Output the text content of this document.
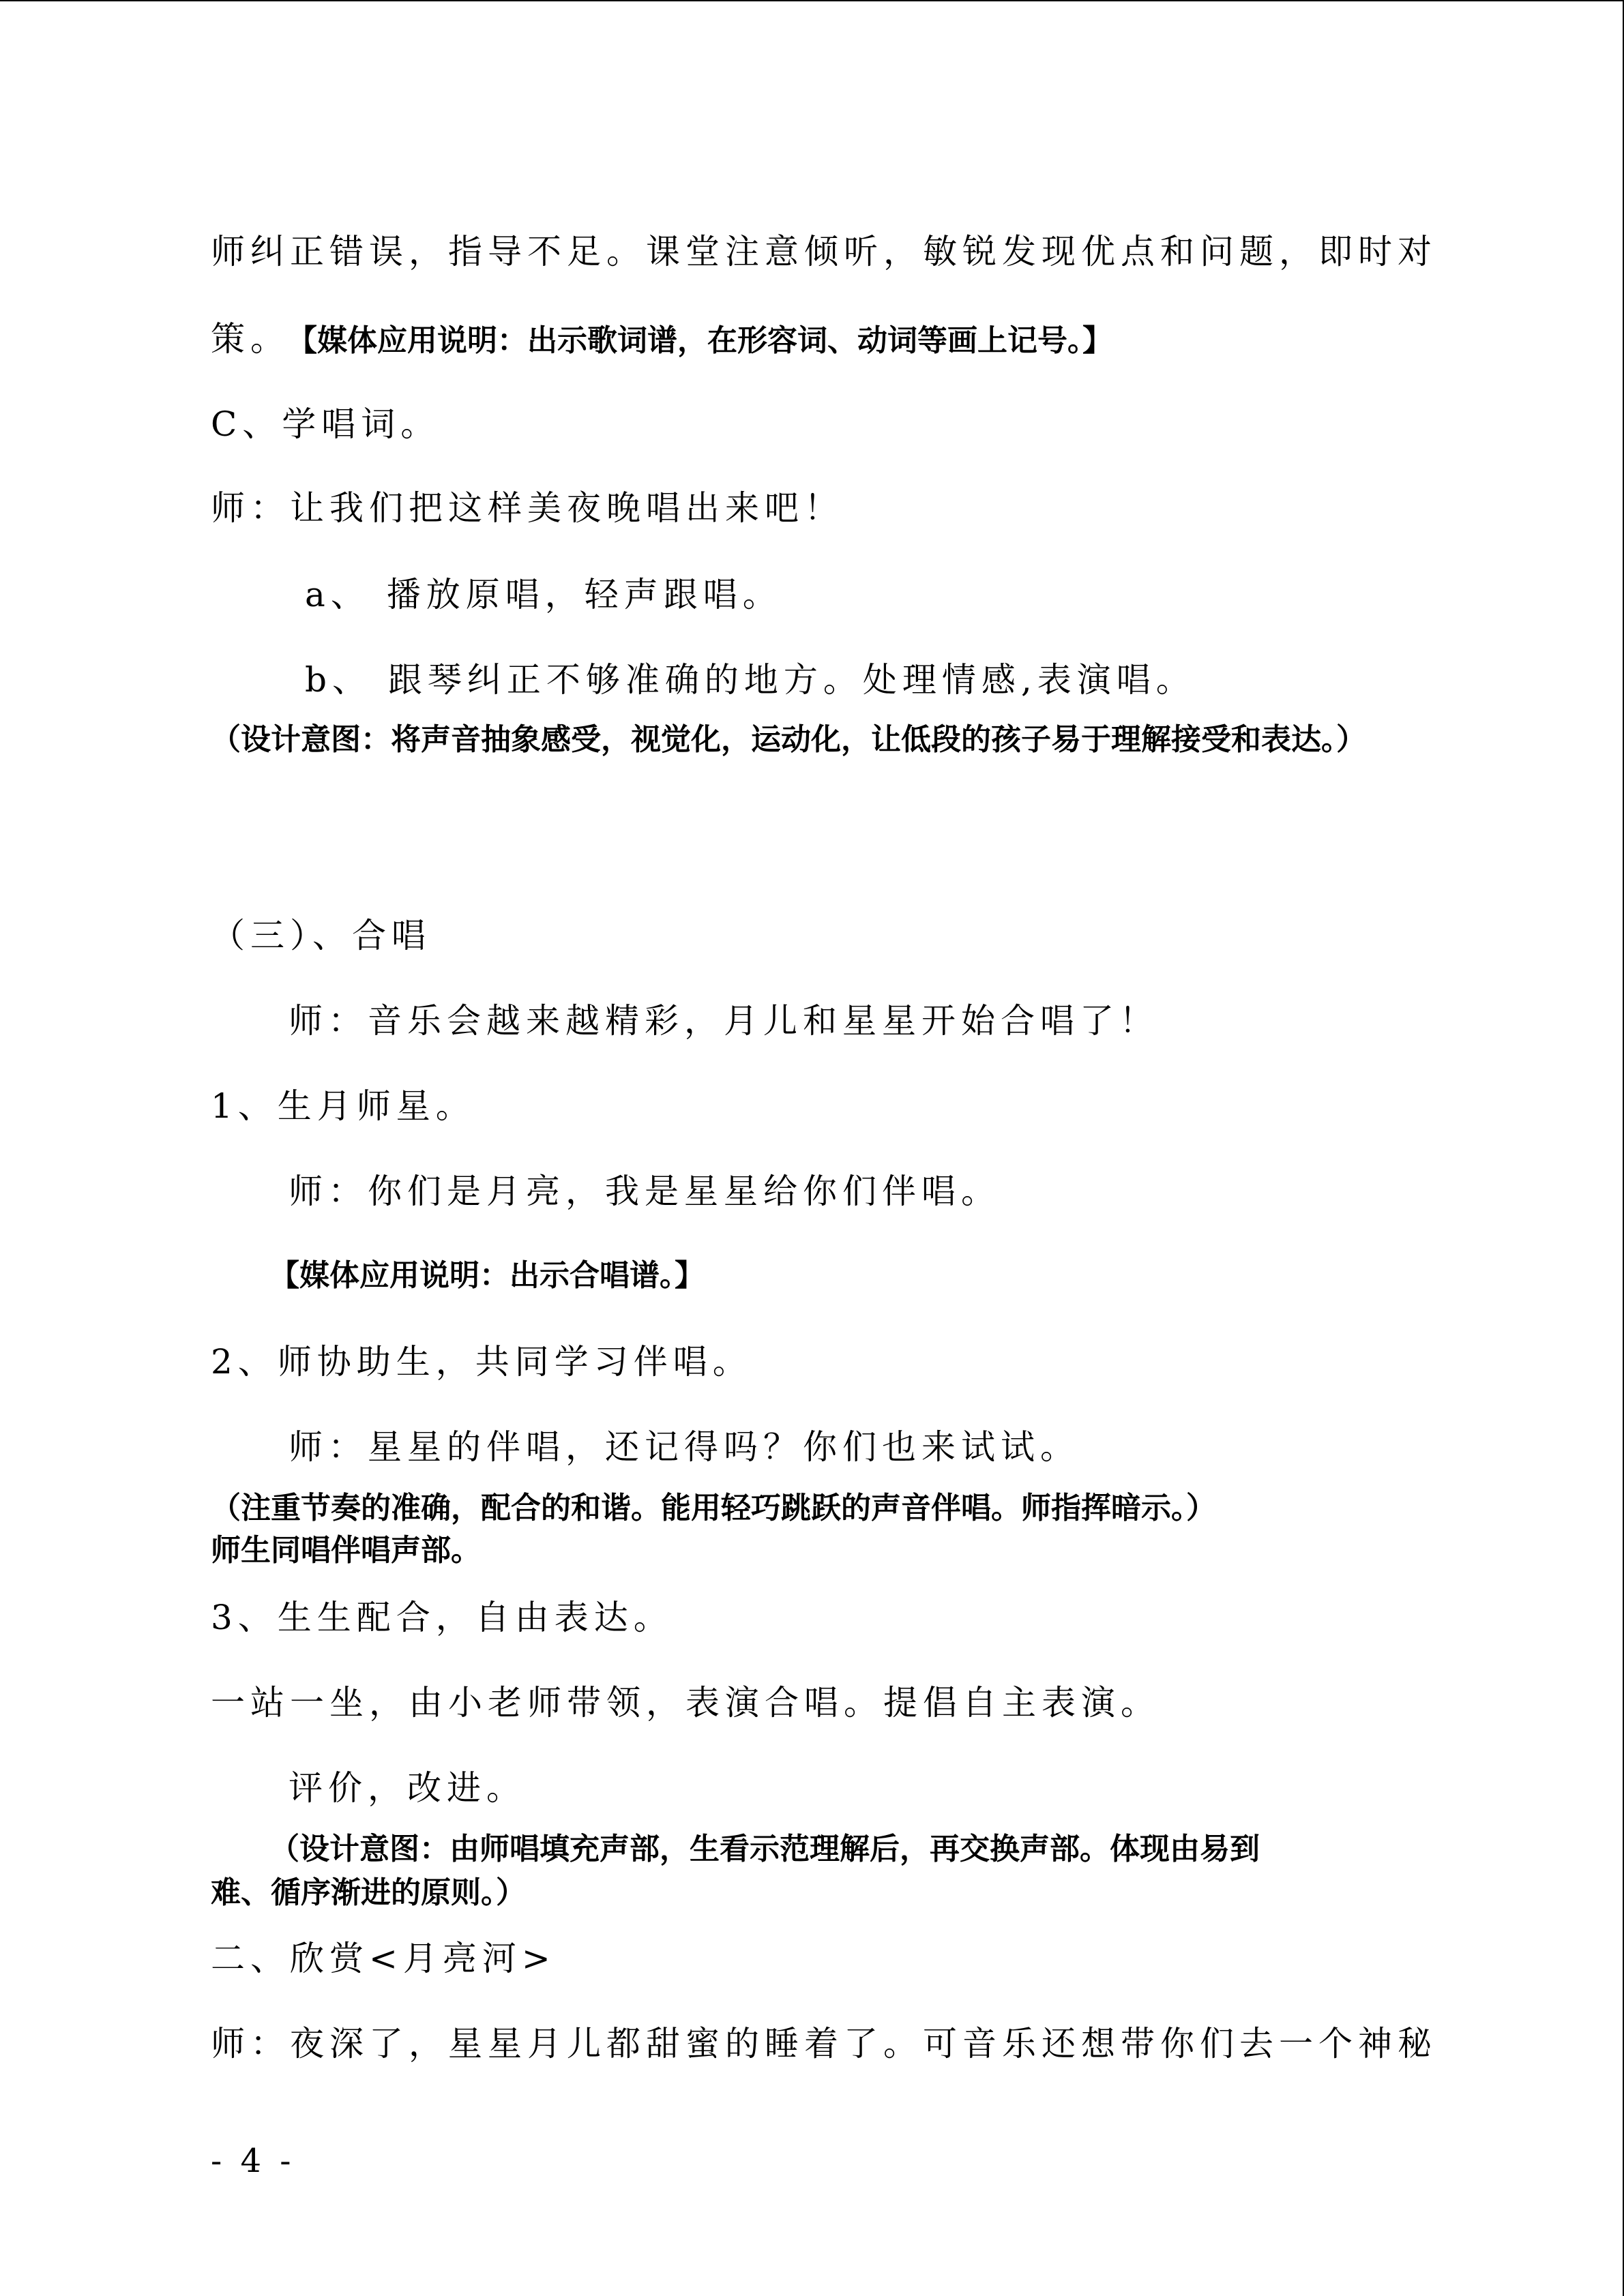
师纠正错误，指导不足。课堂注意倾听，敏锐发现优点和问题，即时对

策。 【媒体应用说明：出示歌词谱，在形容词、动词等画上记号。】

C、学唱词。

师：让我们把这样美夜晚唱出来吧！

a、 播放原唱，轻声跟唱。

b、 跟琴纠正不够准确的地方。处理情感,表演唱。

（设计意图：将声音抽象感受，视觉化，运动化，让低段的孩子易于理解接受和表达。）

（三）、合唱

师：音乐会越来越精彩，月儿和星星开始合唱了！

1、生月师星。

师：你们是月亮，我是星星给你们伴唱。

【媒体应用说明：出示合唱谱。】

2、师协助生，共同学习伴唱。

师：星星的伴唱，还记得吗？你们也来试试。

（注重节奏的准确，配合的和谐。能用轻巧跳跃的声音伴唱。师指挥暗示。）

师生同唱伴唱声部。

3、生生配合，自由表达。

一站一坐，由小老师带领，表演合唱。提倡自主表演。

评价，改进。

（设计意图：由师唱填充声部，生看示范理解后，再交换声部。体现由易到

难、循序渐进的原则。）

二、欣赏<月亮河>

师：夜深了，星星月儿都甜蜜的睡着了。可音乐还想带你们去一个神秘

- 4 -
